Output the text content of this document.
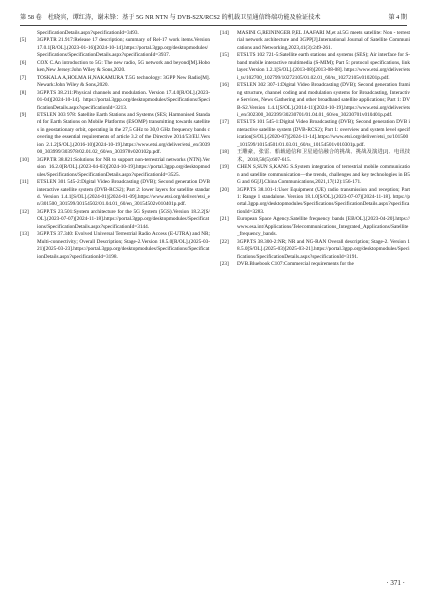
第 58 卷　杜晓宾，谭红涛，谢未锋：基于 5G NR NTN 与 DVB-S2X/RCS2 的机载卫星通信终端功能及验证技术	第 4 期
SpecificationDetails.aspx?specificationId=3493.
[5] 3GPP.TR 21.917:Release 17 description; summary of Rel-17 work items.Version 17.0.1[R/OL].(2023-01-16)[2024-10-14].https://portal.3gpp.org/desktopmodules/Specifications/SpecificationDetails.aspx?specificationId=3937.
[6] COX C.An introduction to 5G: The new radio, 5G network and beyond[M].Hoboken,New Jersey:John Wiley & Sons,2020.
[7] TOSKALA A,HOLMA H,NAKAMURA T.5G technology: 3GPP New Radio[M].Newark:John Wiley & Sons,2020.
[8] 3GPP.TS 38.211:Physical channels and modulation. Version 17.4.0[R/OL].(2023-01-04)[2024-10-14]. https://portal.3gpp.org/desktopmodules/Specifications/SpecificationDetails.aspx?specificationId=3213.
[9] ETSI.EN 303 978: Satellite Earth Stations and Systems (SES; Harmonised Standard for Earth Stations on Mobile Platforms (ESOMP) transmitting towards satellites in geostationary orbit, operating in the 27,5 GHz to 30,0 GHz frequency bands covering the essential requirements of article 3.2 of the Directive 2014/53/EU.Version 2.1.2[S/OL].(2016-10)[2024-10-19].https://www.etsi.org/deliver/etsi_en/303900_303999/303978/02.01.02_60/en_303978v020102p.pdf.
[10] 3GPP.TR 38.821:Solutions for NR to support non-terrestrial networks (NTN).Version 16.2.0[R/OL].(2023-04-03)[2024-10-19].https://portal.3gpp.org/desktopmodules/Specifications/SpecificationDetails.aspx?specificationId=3525.
[11] ETSI.EN 301 545-2:Digital Video Broadcasting (DVB); Second generation DVB interactive satellite system (DVB-RCS2); Part 2: lower layers for satellite standard. Version 1.4.1[S/OL].(2024-01)[2024-01-09].https://www.etsi.org/deliver/etsi_en/301500_301599/30154502/01.04.01_60/en_30154502v010401p.pdf.
[12] 3GPP.TS 23.501:System architecture for the 5G System (5GS).Version 18.2.2[S/OL].(2023-07-07)[2024-11-18].https://portal.3gpp.org/desktopmodules/Specifications/SpecificationDetails.aspx?specificationId=3144.
[13] 3GPP.TS 37.340: Evolved Universal Terrestrial Radio Access (E-UTRA) and NR; Multi-connectivity; Overall Description; Stage-2.Version 18.5.0[R/OL].(2025-03-21)[2025-03-23].https://portal.3gpp.org/desktopmodules/Specifications/SpecificationDetails.aspx?specificationId=3198.
[14] MASINI G,REININGER P,EL JAAFARI M,et al.5G meets satellite: Non - terrestrial network architecture and 3GPP[J].International Journal of Satellite Communications and Networking,2023,41(3):249-261.
[15] ETSI.TS 102 721-5:Satellite earth stations and systems (SES); Air interface for S-band mobile interactive multimedia (S-MIM); Part 5: protocol specifications, link layer.Version 1.2.1[S/OL].(2013-08)[2013-08-08]. https://www.etsi.org/deliver/etsi_ts/102700_102799/10272105/01.02.01_60/ts_10272105v010201p.pdf.
[16] ETSI.EN 302 307-1:Digital Video Broadcasting (DVB); Second generation framing structure, channel coding and modulation systems for Broadcasting, Interactive Services, News Gathering and other broadband satellite applications; Part 1: DVB-S2.Version 1.4.1[S/OL].(2014-11)[2024-10-19].https://www.etsi.org/deliver/etsi_en/302300_302399/30230701/01.04.01_60/en_30230701v010401p.pdf.
[17] ETSI.TS 101 545-1:Digital Video Broadcasting (DVB); Second generation DVB interactive satellite system (DVB-RCS2); Part 1: overview and system level specification[S/OL].(2020-07)[2024-11-14].https://www.etsi.org/deliver/etsi_ts/101500_101599/10154501/01.03.01_60/ts_10154501v010301p.pdf.
[18] 王雕豪，张雷．船载通信和卫星通信融合的挑战、挑战及演进[J]．电讯技术，2018,58(5):607-615.
[19] CHEN S,SUN S,KANG S.System integration of terrestrial mobile communication and satellite communication—the trends, challenges and key technologies in B5G and 6G[J].China Communications,2021,17(12):156-171.
[20] 3GPP.TS 38.101-1:User Equipment (UE) radio transmission and reception; Part 1: Range 1 standalone. Version 18.1.0[S/OL].(2023-07-07)[2024-11-18]. https://portal.3gpp.org/desktopmodules/Specifications/SpecificationDetails.aspx?specificationId=3283.
[21] European Space Agency.Satellite frequency bands [EB/OL].[2023-04-20].https://www.esa.int/Applications/Telecommunications_Integrated_Applications/Satellite_frequency_bands.
[22] 3GPP.TS 38.300-2:NR; NR and NG-RAN Overall description; Stage-2. Version 18.5.0[S/OL].(2025-03)[2025-03-21].https://portal.3gpp.org/desktopmodules/Specifications/SpecificationDetails.aspx?specificationId=3191.
[23] DVB.Bluebook C107:Commercial requirements for the
· 371 ·
